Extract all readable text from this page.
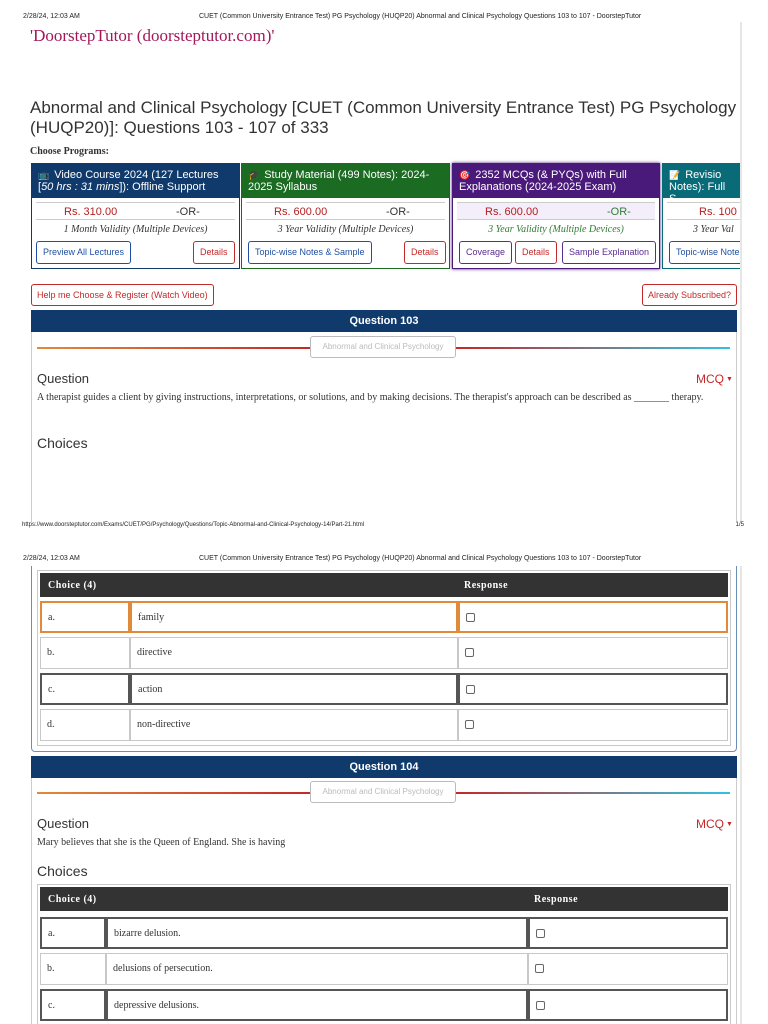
2/28/24, 12:03 AM	CUET (Common University Entrance Test) PG Psychology (HUQP20) Abnormal and Clinical Psychology Questions 103 to 107 - DoorstepTutor
'DoorstepTutor (doorsteptutor.com)'
Abnormal and Clinical Psychology [CUET (Common University Entrance Test) PG Psychology (HUQP20)]: Questions 103 - 107 of 333
Choose Programs:
📺 Video Course 2024 (127 Lectures [50 hrs : 31 mins]): Offline Support
Rs. 310.00	-OR-
1 Month Validity (Multiple Devices)
Preview All Lectures	Details
🎓 Study Material (499 Notes): 2024-2025 Syllabus
Rs. 600.00	-OR-
3 Year Validity (Multiple Devices)
Topic-wise Notes & Sample	Details
🎯 2352 MCQs (& PYQs) with Full Explanations (2024-2025 Exam)
Rs. 600.00	-OR-
3 Year Validity (Multiple Devices)
Coverage	Details	Sample Explanation
📝 Revisio Notes): Full S
Rs. 100
3 Year Val
Topic-wise Note
Help me Choose & Register (Watch Video)	Already Subscribed?
Question 103
Abnormal and Clinical Psychology
Question	MCQ ▼
A therapist guides a client by giving instructions, interpretations, or solutions, and by making decisions. The therapist's approach can be described as _______ therapy.
Choices
https://www.doorsteptutor.com/Exams/CUET/PG/Psychology/Questions/Topic-Abnormal-and-Clinical-Psychology-14/Part-21.html	1/5
2/28/24, 12:03 AM	CUET (Common University Entrance Test) PG Psychology (HUQP20) Abnormal and Clinical Psychology Questions 103 to 107 - DoorstepTutor
Choice (4)	Response
a.	family
b.	directive
c.	action
d.	non-directive
Question 104
Abnormal and Clinical Psychology
Question	MCQ ▼
Mary believes that she is the Queen of England. She is having
Choices
Choice (4)	Response
a.	bizarre delusion.
b.	delusions of persecution.
c.	depressive delusions.
